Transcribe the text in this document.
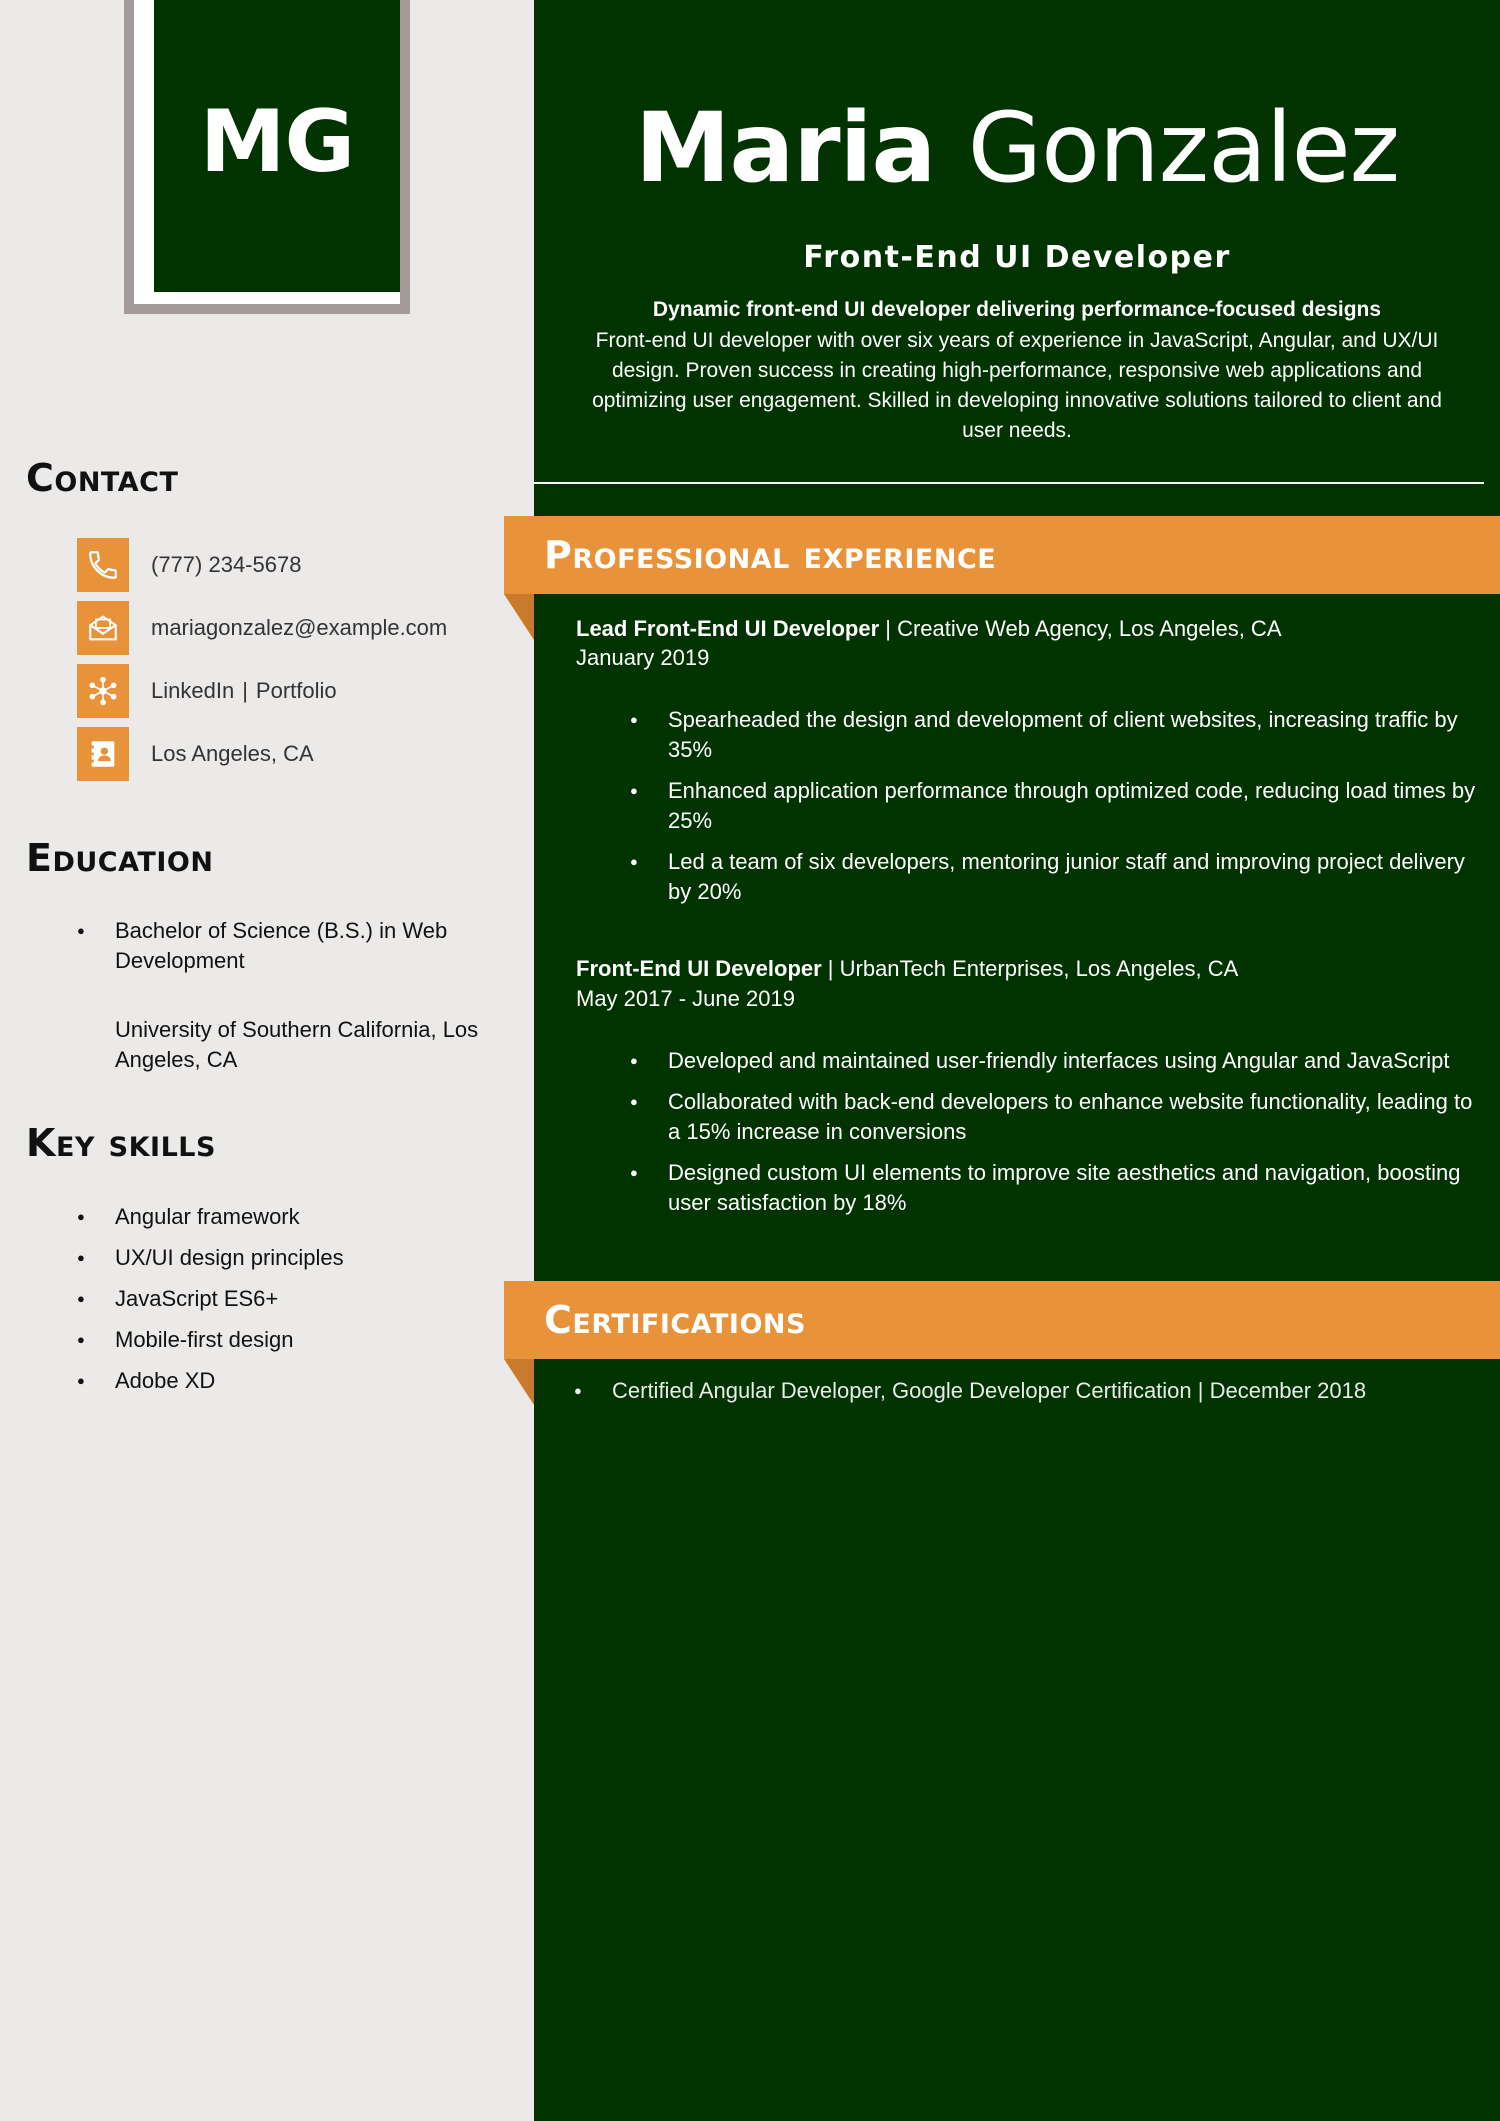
MG
Contact
(777) 234-5678
mariagonzalez@example.com
LinkedIn | Portfolio
Los Angeles, CA
Education
● Bachelor of Science (B.S.) in Web Development
University of Southern California, Los Angeles, CA
Key skills
● Angular framework
● UX/UI design principles
● JavaScript ES6+
● Mobile-first design
● Adobe XD
Maria Gonzalez
Front-End UI Developer
Dynamic front-end UI developer delivering performance-focused designs
Front-end UI developer with over six years of experience in JavaScript, Angular, and UX/UI design. Proven success in creating high-performance, responsive web applications and optimizing user engagement. Skilled in developing innovative solutions tailored to client and user needs.
Professional experience
Lead Front-End UI Developer | Creative Web Agency, Los Angeles, CA
January 2019
● Spearheaded the design and development of client websites, increasing traffic by 35%
● Enhanced application performance through optimized code, reducing load times by 25%
● Led a team of six developers, mentoring junior staff and improving project delivery by 20%
Front-End UI Developer | UrbanTech Enterprises, Los Angeles, CA
May 2017 - June 2019
● Developed and maintained user-friendly interfaces using Angular and JavaScript
● Collaborated with back-end developers to enhance website functionality, leading to a 15% increase in conversions
● Designed custom UI elements to improve site aesthetics and navigation, boosting user satisfaction by 18%
Certifications
● Certified Angular Developer, Google Developer Certification | December 2018
